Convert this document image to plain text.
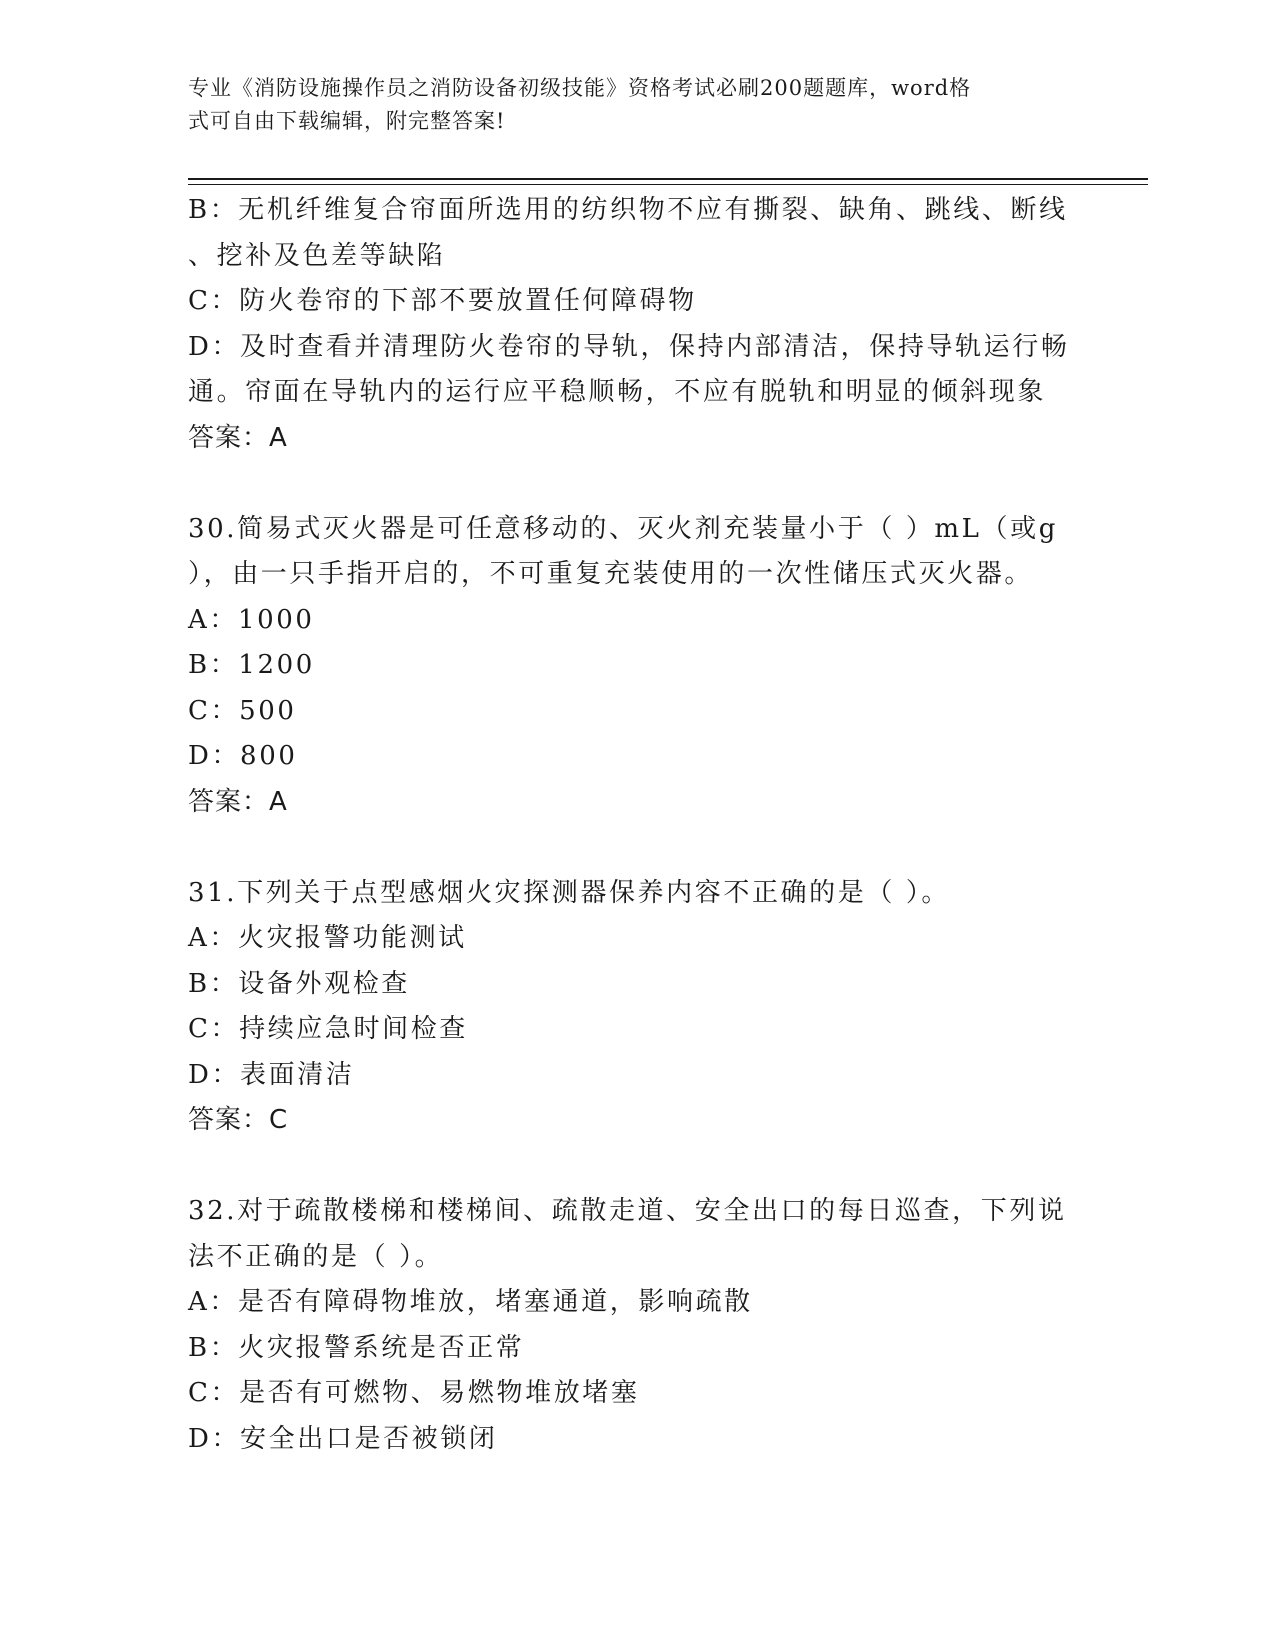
专业《消防设施操作员之消防设备初级技能》资格考试必刷200题题库，word格
式可自由下载编辑，附完整答案!
B：无机纤维复合帘面所选用的纺织物不应有撕裂、缺角、跳线、断线
、挖补及色差等缺陷
C：防火卷帘的下部不要放置任何障碍物
D：及时查看并清理防火卷帘的导轨，保持内部清洁，保持导轨运行畅
通。帘面在导轨内的运行应平稳顺畅，不应有脱轨和明显的倾斜现象
答案：A
30.简易式灭火器是可任意移动的、灭火剂充装量小于（ ）mL（或g
），由一只手指开启的，不可重复充装使用的一次性储压式灭火器。
A：1000
B：1200
C：500
D：800
答案：A
31.下列关于点型感烟火灾探测器保养内容不正确的是（ ）。
A：火灾报警功能测试
B：设备外观检查
C：持续应急时间检查
D：表面清洁
答案：C
32.对于疏散楼梯和楼梯间、疏散走道、安全出口的每日巡查，下列说
法不正确的是（ ）。
A：是否有障碍物堆放，堵塞通道，影响疏散
B：火灾报警系统是否正常
C：是否有可燃物、易燃物堆放堵塞
D：安全出口是否被锁闭
